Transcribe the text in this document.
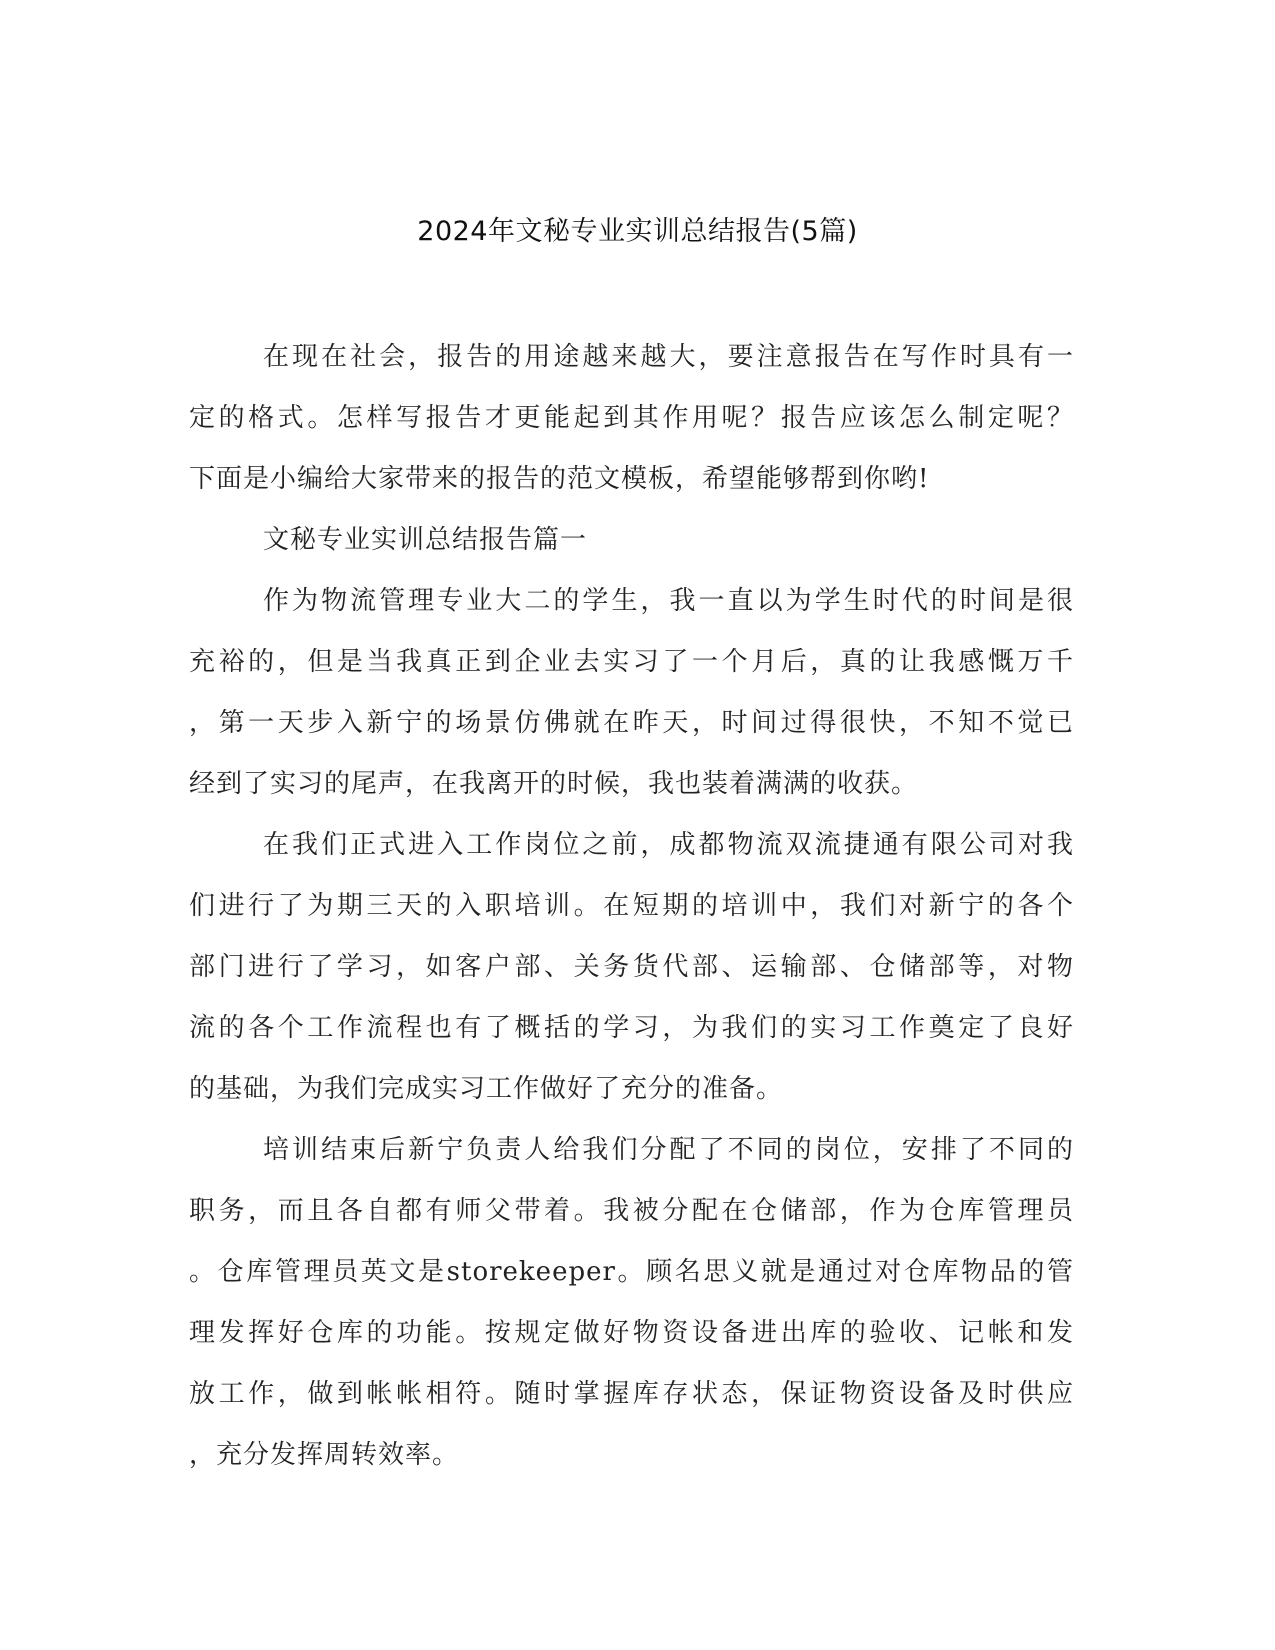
2024年文秘专业实训总结报告(5篇)
在现在社会，报告的用途越来越大，要注意报告在写作时具有一
定的格式。怎样写报告才更能起到其作用呢？报告应该怎么制定呢？
下面是小编给大家带来的报告的范文模板，希望能够帮到你哟!
文秘专业实训总结报告篇一
作为物流管理专业大二的学生，我一直以为学生时代的时间是很
充裕的，但是当我真正到企业去实习了一个月后，真的让我感慨万千
，第一天步入新宁的场景仿佛就在昨天，时间过得很快，不知不觉已
经到了实习的尾声，在我离开的时候，我也装着满满的收获。
在我们正式进入工作岗位之前，成都物流双流捷通有限公司对我
们进行了为期三天的入职培训。在短期的培训中，我们对新宁的各个
部门进行了学习，如客户部、关务货代部、运输部、仓储部等，对物
流的各个工作流程也有了概括的学习，为我们的实习工作奠定了良好
的基础，为我们完成实习工作做好了充分的准备。
培训结束后新宁负责人给我们分配了不同的岗位，安排了不同的
职务，而且各自都有师父带着。我被分配在仓储部，作为仓库管理员
。仓库管理员英文是storekeeper。顾名思义就是通过对仓库物品的管
理发挥好仓库的功能。按规定做好物资设备进出库的验收、记帐和发
放工作，做到帐帐相符。随时掌握库存状态，保证物资设备及时供应
，充分发挥周转效率。
